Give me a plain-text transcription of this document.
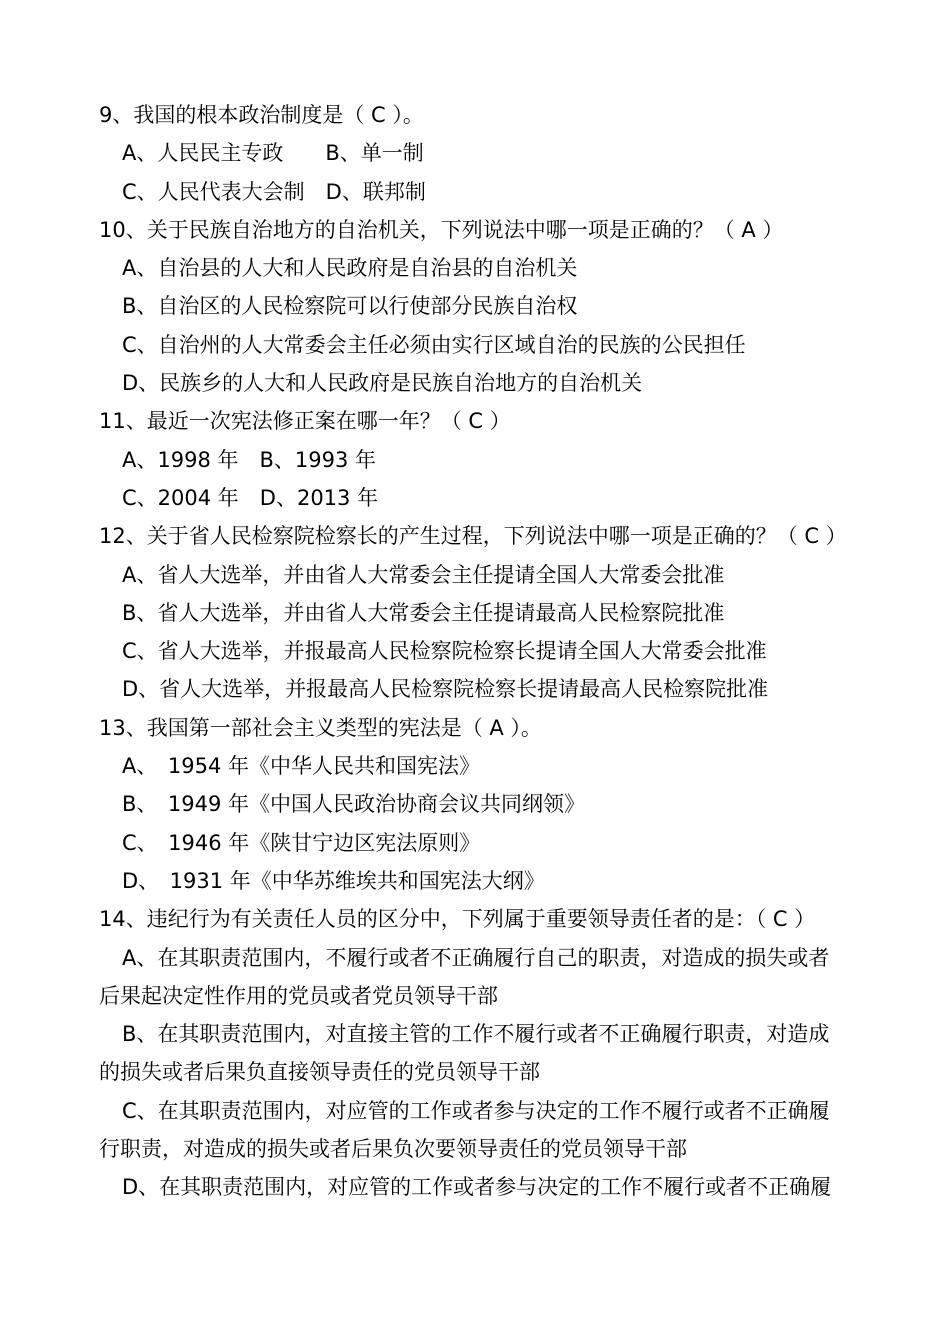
9、我国的根本政治制度是（ C ）。
A、人民民主专政　　B、单一制
C、人民代表大会制　D、联邦制
10、关于民族自治地方的自治机关，下列说法中哪一项是正确的？（ A ）
A、自治县的人大和人民政府是自治县的自治机关
B、自治区的人民检察院可以行使部分民族自治权
C、自治州的人大常委会主任必须由实行区域自治的民族的公民担任
D、民族乡的人大和人民政府是民族自治地方的自治机关
11、最近一次宪法修正案在哪一年？（ C ）
A、1998 年　B、1993 年
C、2004 年　D、2013 年
12、关于省人民检察院检察长的产生过程，下列说法中哪一项是正确的？（ C ）
A、省人大选举，并由省人大常委会主任提请全国人大常委会批准
B、省人大选举，并由省人大常委会主任提请最高人民检察院批准
C、省人大选举，并报最高人民检察院检察长提请全国人大常委会批准
D、省人大选举，并报最高人民检察院检察长提请最高人民检察院批准
13、我国第一部社会主义类型的宪法是（ A ）。
A、　1954 年《中华人民共和国宪法》
B、　1949 年《中国人民政治协商会议共同纲领》
C、　1946 年《陕甘宁边区宪法原则》
D、　1931 年《中华苏维埃共和国宪法大纲》
14、违纪行为有关责任人员的区分中，下列属于重要领导责任者的是：（ C ）
A、在其职责范围内，不履行或者不正确履行自己的职责，对造成的损失或者
后果起决定性作用的党员或者党员领导干部
B、在其职责范围内，对直接主管的工作不履行或者不正确履行职责，对造成
的损失或者后果负直接领导责任的党员领导干部
C、在其职责范围内，对应管的工作或者参与决定的工作不履行或者不正确履
行职责，对造成的损失或者后果负次要领导责任的党员领导干部
D、在其职责范围内，对应管的工作或者参与决定的工作不履行或者不正确履
